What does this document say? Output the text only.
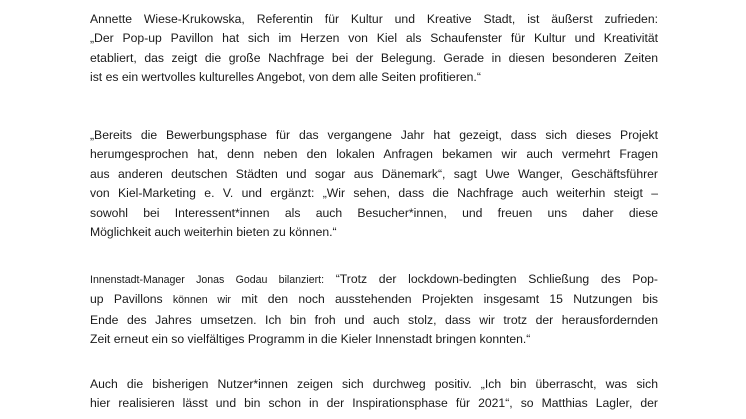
Annette Wiese-Krukowska, Referentin für Kultur und Kreative Stadt, ist äußerst zufrieden:
„Der Pop-up Pavillon hat sich im Herzen von Kiel als Schaufenster für Kultur und Kreativität
etabliert, das zeigt die große Nachfrage bei der Belegung. Gerade in diesen besonderen Zeiten
ist es ein wertvolles kulturelles Angebot, von dem alle Seiten profitieren.“

„Bereits die Bewerbungsphase für das vergangene Jahr hat gezeigt, dass sich dieses Projekt
herumgesprochen hat, denn neben den lokalen Anfragen bekamen wir auch vermehrt Fragen
aus anderen deutschen Städten und sogar aus Dänemark“, sagt Uwe Wanger, Geschäftsführer
von Kiel-Marketing e. V. und ergänzt: „Wir sehen, dass die Nachfrage auch weiterhin steigt –
sowohl bei Interessent*innen als auch Besucher*innen, und freuen uns daher diese
Möglichkeit auch weiterhin bieten zu können.“

Innenstadt-Manager Jonas Godau bilanziert: “Trotz der lockdown-bedingten Schließung des Pop-
up Pavillons können wir mit den noch ausstehenden Projekten insgesamt 15 Nutzungen bis
Ende des Jahres umsetzen. Ich bin froh und auch stolz, dass wir trotz der herausfordernden
Zeit erneut ein so vielfältiges Programm in die Kieler Innenstadt bringen konnten.“

Auch die bisherigen Nutzer*innen zeigen sich durchweg positiv. „Ich bin überrascht, was sich
hier realisieren lässt und bin schon in der Inspirationsphase für 2021“, so Matthias Lagler, der
